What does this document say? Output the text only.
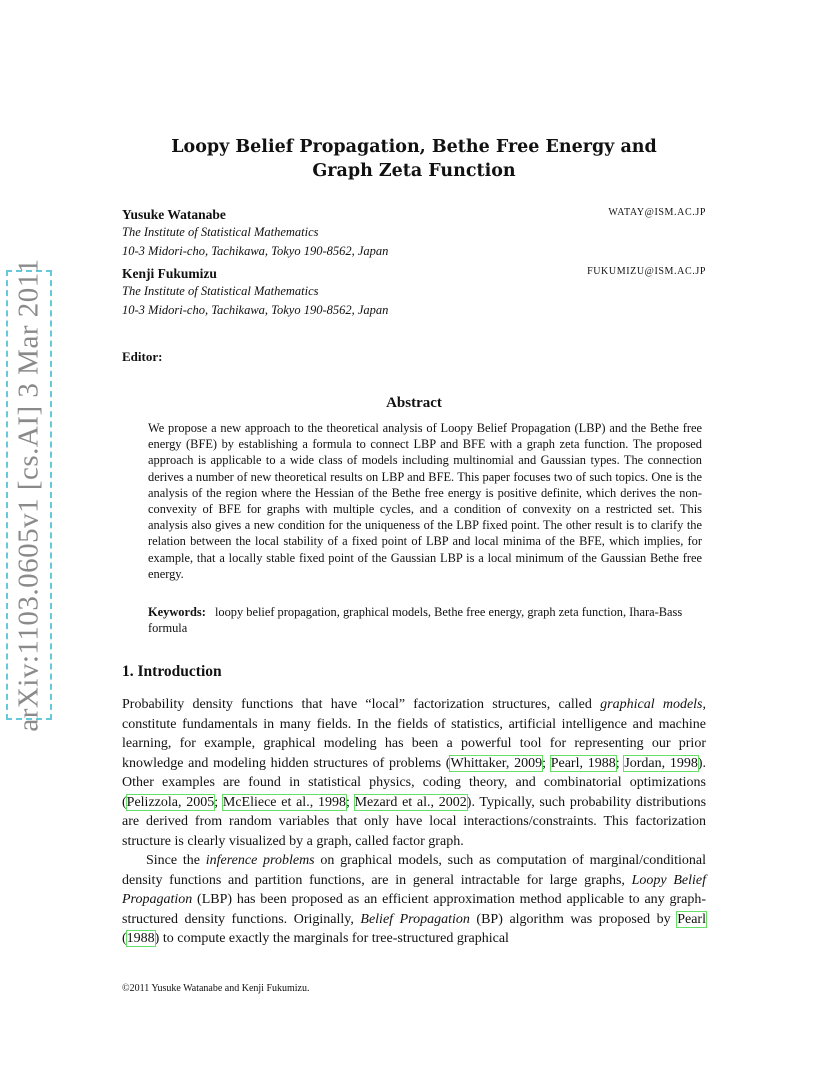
arXiv:1103.0605v1 [cs.AI] 3 Mar 2011
Loopy Belief Propagation, Bethe Free Energy and
Graph Zeta Function
Yusuke Watanabe	WATAY@ISM.AC.JP
The Institute of Statistical Mathematics
10-3 Midori-cho, Tachikawa, Tokyo 190-8562, Japan
Kenji Fukumizu	FUKUMIZU@ISM.AC.JP
The Institute of Statistical Mathematics
10-3 Midori-cho, Tachikawa, Tokyo 190-8562, Japan
Editor:
Abstract
We propose a new approach to the theoretical analysis of Loopy Belief Propagation (LBP) and the Bethe free energy (BFE) by establishing a formula to connect LBP and BFE with a graph zeta function. The proposed approach is applicable to a wide class of models including multinomial and Gaussian types. The connection derives a number of new theoretical results on LBP and BFE. This paper focuses two of such topics. One is the analysis of the region where the Hessian of the Bethe free energy is positive definite, which derives the non-convexity of BFE for graphs with multiple cycles, and a condition of convexity on a restricted set. This analysis also gives a new condition for the uniqueness of the LBP fixed point. The other result is to clarify the relation between the local stability of a fixed point of LBP and local minima of the BFE, which implies, for example, that a locally stable fixed point of the Gaussian LBP is a local minimum of the Gaussian Bethe free energy.
Keywords: loopy belief propagation, graphical models, Bethe free energy, graph zeta function, Ihara-Bass formula
1. Introduction

Probability density functions that have “local” factorization structures, called graphical models, constitute fundamentals in many fields. In the fields of statistics, artificial intelligence and machine learning, for example, graphical modeling has been a powerful tool for representing our prior knowledge and modeling hidden structures of problems (Whittaker, 2009; Pearl, 1988; Jordan, 1998). Other examples are found in statistical physics, coding theory, and combinatorial optimizations (Pelizzola, 2005; McEliece et al., 1998; Mezard et al., 2002). Typically, such probability distributions are derived from random variables that only have local interactions/constraints. This factorization structure is clearly visualized by a graph, called factor graph.

Since the inference problems on graphical models, such as computation of marginal/conditional density functions and partition functions, are in general intractable for large graphs, Loopy Belief Propagation (LBP) has been proposed as an efficient approximation method applicable to any graph-structured density functions. Originally, Belief Propagation (BP) algorithm was proposed by Pearl (1988) to compute exactly the marginals for tree-structured graphical

©2011 Yusuke Watanabe and Kenji Fukumizu.
